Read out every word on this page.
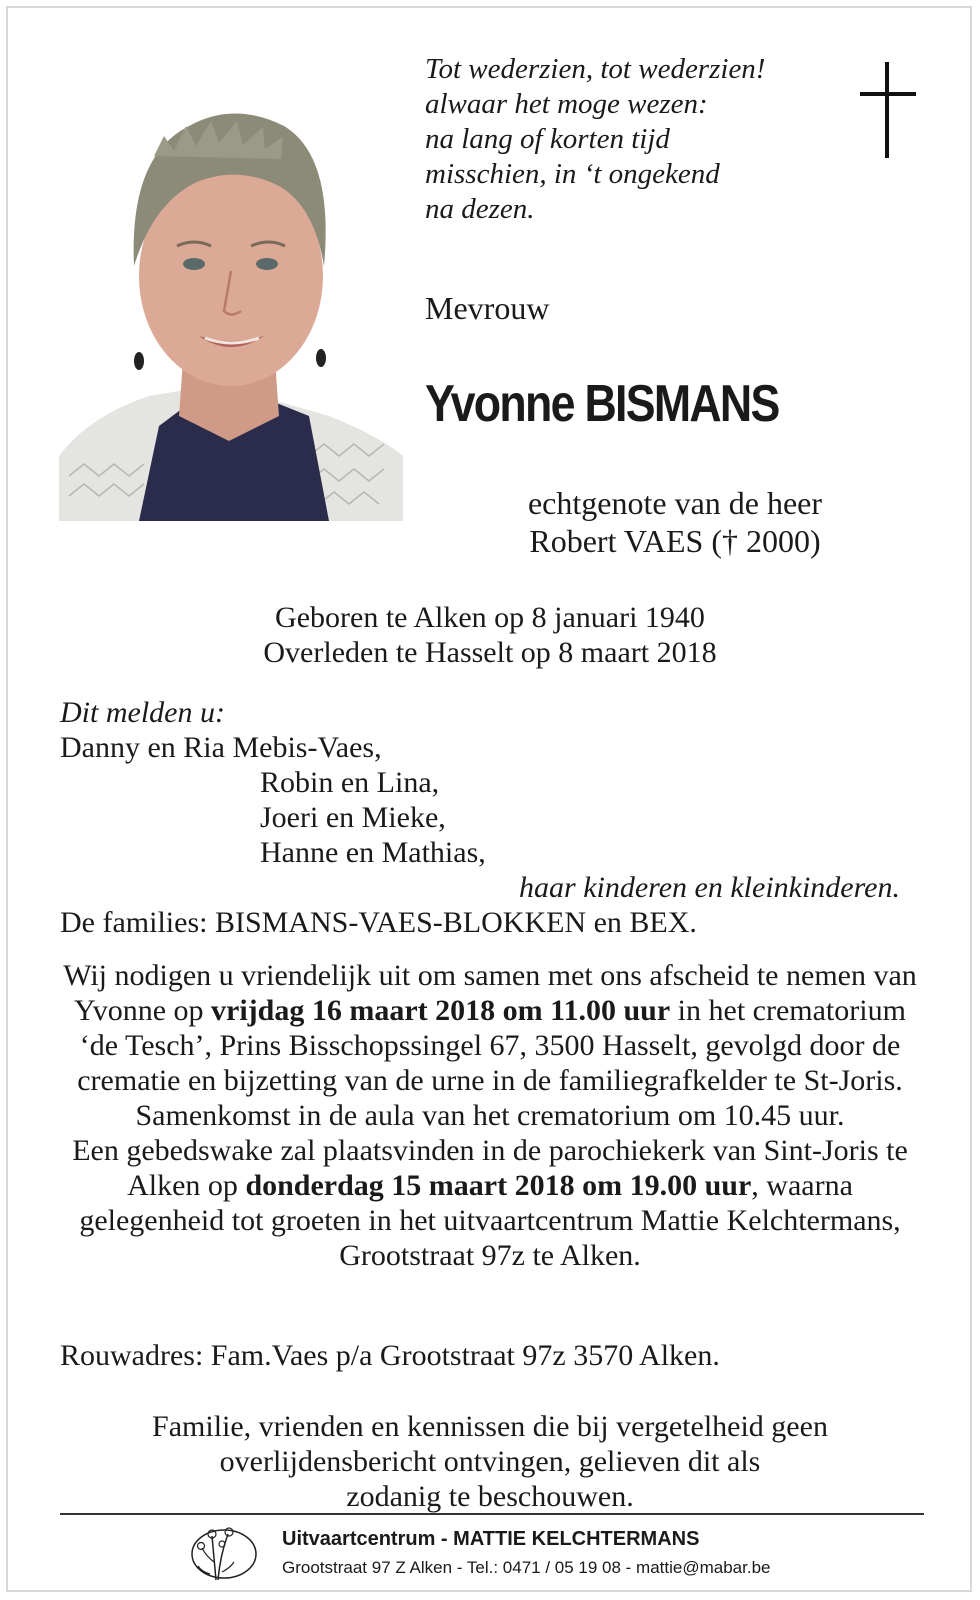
Tot wederzien, tot wederzien!
alwaar het moge wezen:
na lang of korten tijd
misschien, in ‘t ongekend
na dezen.
Mevrouw
Yvonne BISMANS
echtgenote van de heer
Robert VAES († 2000)
Geboren te Alken op 8 januari 1940
Overleden te Hasselt op 8 maart 2018
Dit melden u:
Danny en Ria Mebis-Vaes,
Robin en Lina,
Joeri en Mieke,
Hanne en Mathias,
haar kinderen en kleinkinderen.
De families: BISMANS-VAES-BLOKKEN en BEX.
Wij nodigen u vriendelijk uit om samen met ons afscheid te nemen van Yvonne op vrijdag 16 maart 2018 om 11.00 uur in het crematorium ‘de Tesch’, Prins Bisschopssingel 67, 3500 Hasselt, gevolgd door de crematie en bijzetting van de urne in de familiegrafkelder te St-Joris.
Samenkomst in de aula van het crematorium om 10.45 uur.
Een gebedswake zal plaatsvinden in de parochiekerk van Sint-Joris te Alken op donderdag 15 maart 2018 om 19.00 uur, waarna gelegenheid tot groeten in het uitvaartcentrum Mattie Kelchtermans, Grootstraat 97z te Alken.
Rouwadres: Fam.Vaes p/a Grootstraat 97z 3570 Alken.
Familie, vrienden en kennissen die bij vergetelheid geen
overlijdensbericht ontvingen, gelieven dit als
zodanig te beschouwen.
Uitvaartcentrum - MATTIE KELCHTERMANS
Grootstraat 97 Z Alken - Tel.: 0471 / 05 19 08 - mattie@mabar.be
